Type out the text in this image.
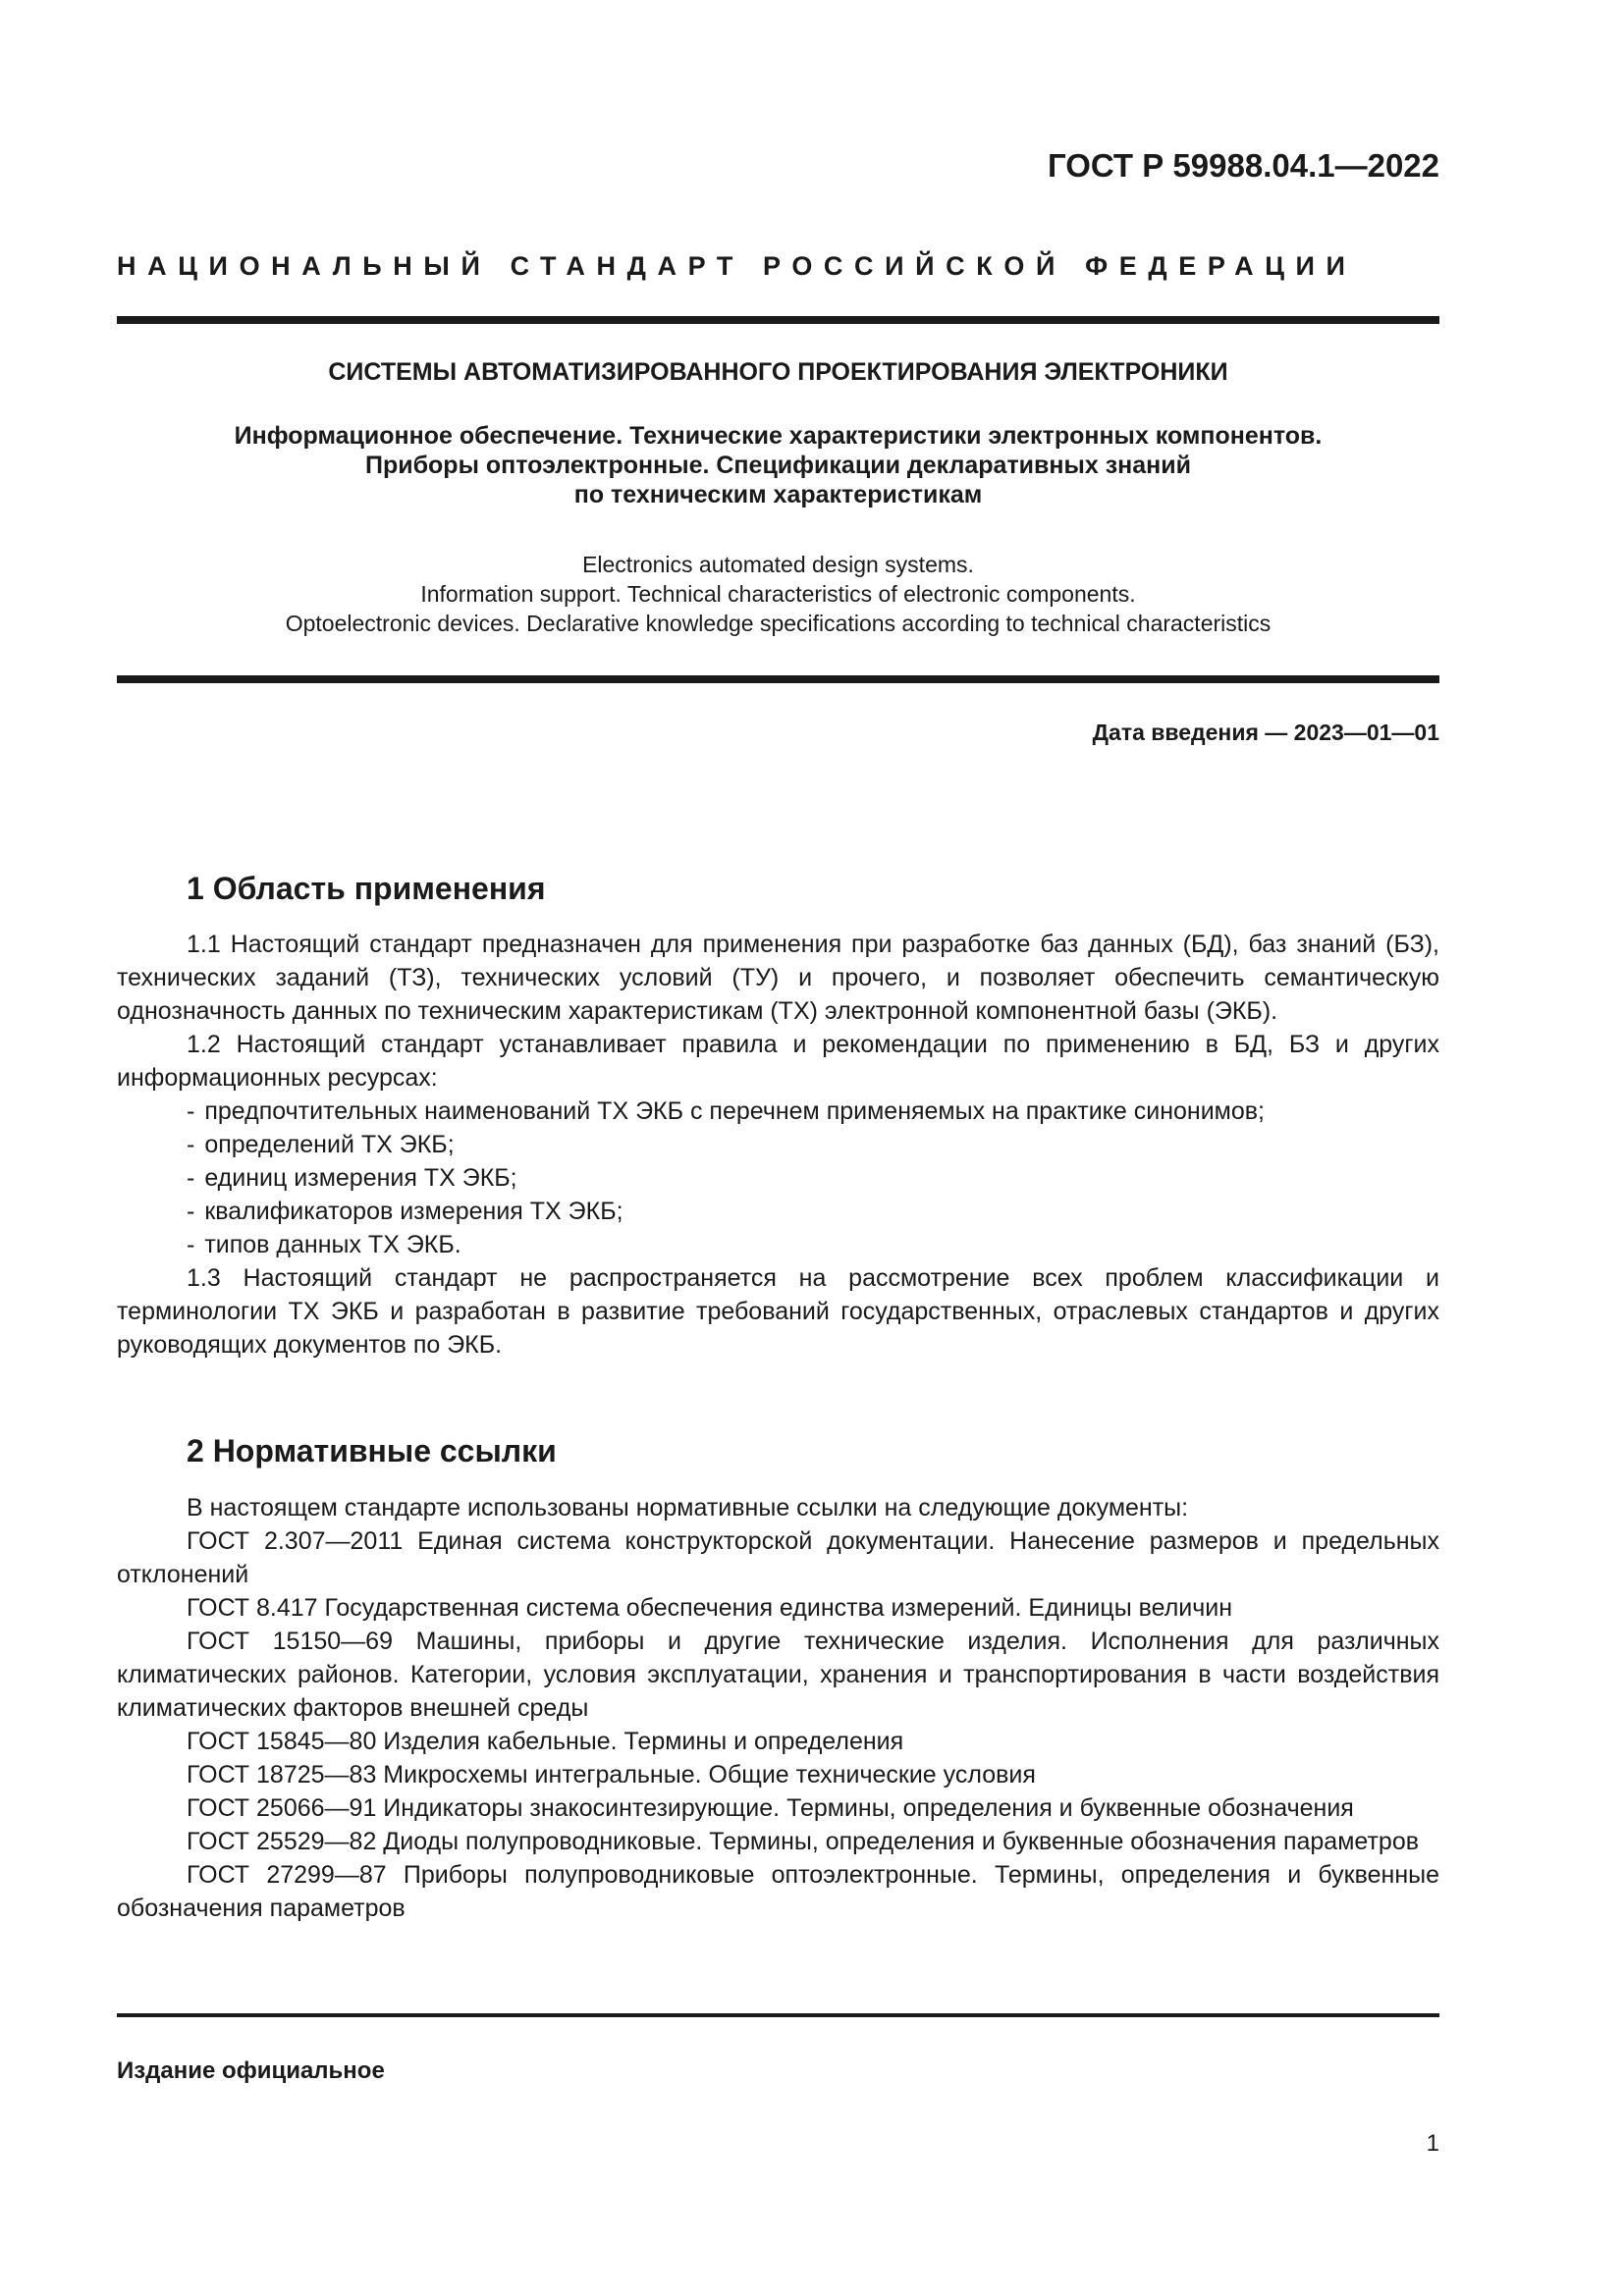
ГОСТ Р 59988.04.1—2022

НАЦИОНАЛЬНЫЙ СТАНДАРТ РОССИЙСКОЙ ФЕДЕРАЦИИ

СИСТЕМЫ АВТОМАТИЗИРОВАННОГО ПРОЕКТИРОВАНИЯ ЭЛЕКТРОНИКИ
Информационное обеспечение. Технические характеристики электронных компонентов.
Приборы оптоэлектронные. Спецификации декларативных знаний
по техническим характеристикам
Electronics automated design systems.
Information support. Technical characteristics of electronic components.
Optoelectronic devices. Declarative knowledge specifications according to technical characteristics

Дата введения — 2023—01—01

1 Область применения

1.1 Настоящий стандарт предназначен для применения при разработке баз данных (БД), баз знаний (БЗ), технических заданий (ТЗ), технических условий (ТУ) и прочего, и позволяет обеспечить семантическую однозначность данных по техническим характеристикам (ТХ) электронной компонентной базы (ЭКБ).

1.2 Настоящий стандарт устанавливает правила и рекомендации по применению в БД, БЗ и других информационных ресурсах:

- предпочтительных наименований ТХ ЭКБ с перечнем применяемых на практике синонимов;
- определений ТХ ЭКБ;
- единиц измерения ТХ ЭКБ;
- квалификаторов измерения ТХ ЭКБ;
- типов данных ТХ ЭКБ.

1.3 Настоящий стандарт не распространяется на рассмотрение всех проблем классификации и терминологии ТХ ЭКБ и разработан в развитие требований государственных, отраслевых стандартов и других руководящих документов по ЭКБ.

2 Нормативные ссылки

В настоящем стандарте использованы нормативные ссылки на следующие документы:

ГОСТ 2.307—2011 Единая система конструкторской документации. Нанесение размеров и предельных отклонений

ГОСТ 8.417 Государственная система обеспечения единства измерений. Единицы величин

ГОСТ 15150—69 Машины, приборы и другие технические изделия. Исполнения для различных климатических районов. Категории, условия эксплуатации, хранения и транспортирования в части воздействия климатических факторов внешней среды

ГОСТ 15845—80 Изделия кабельные. Термины и определения

ГОСТ 18725—83 Микросхемы интегральные. Общие технические условия

ГОСТ 25066—91 Индикаторы знакосинтезирующие. Термины, определения и буквенные обозначения

ГОСТ 25529—82 Диоды полупроводниковые. Термины, определения и буквенные обозначения параметров

ГОСТ 27299—87 Приборы полупроводниковые оптоэлектронные. Термины, определения и буквенные обозначения параметров

Издание официальное

1
